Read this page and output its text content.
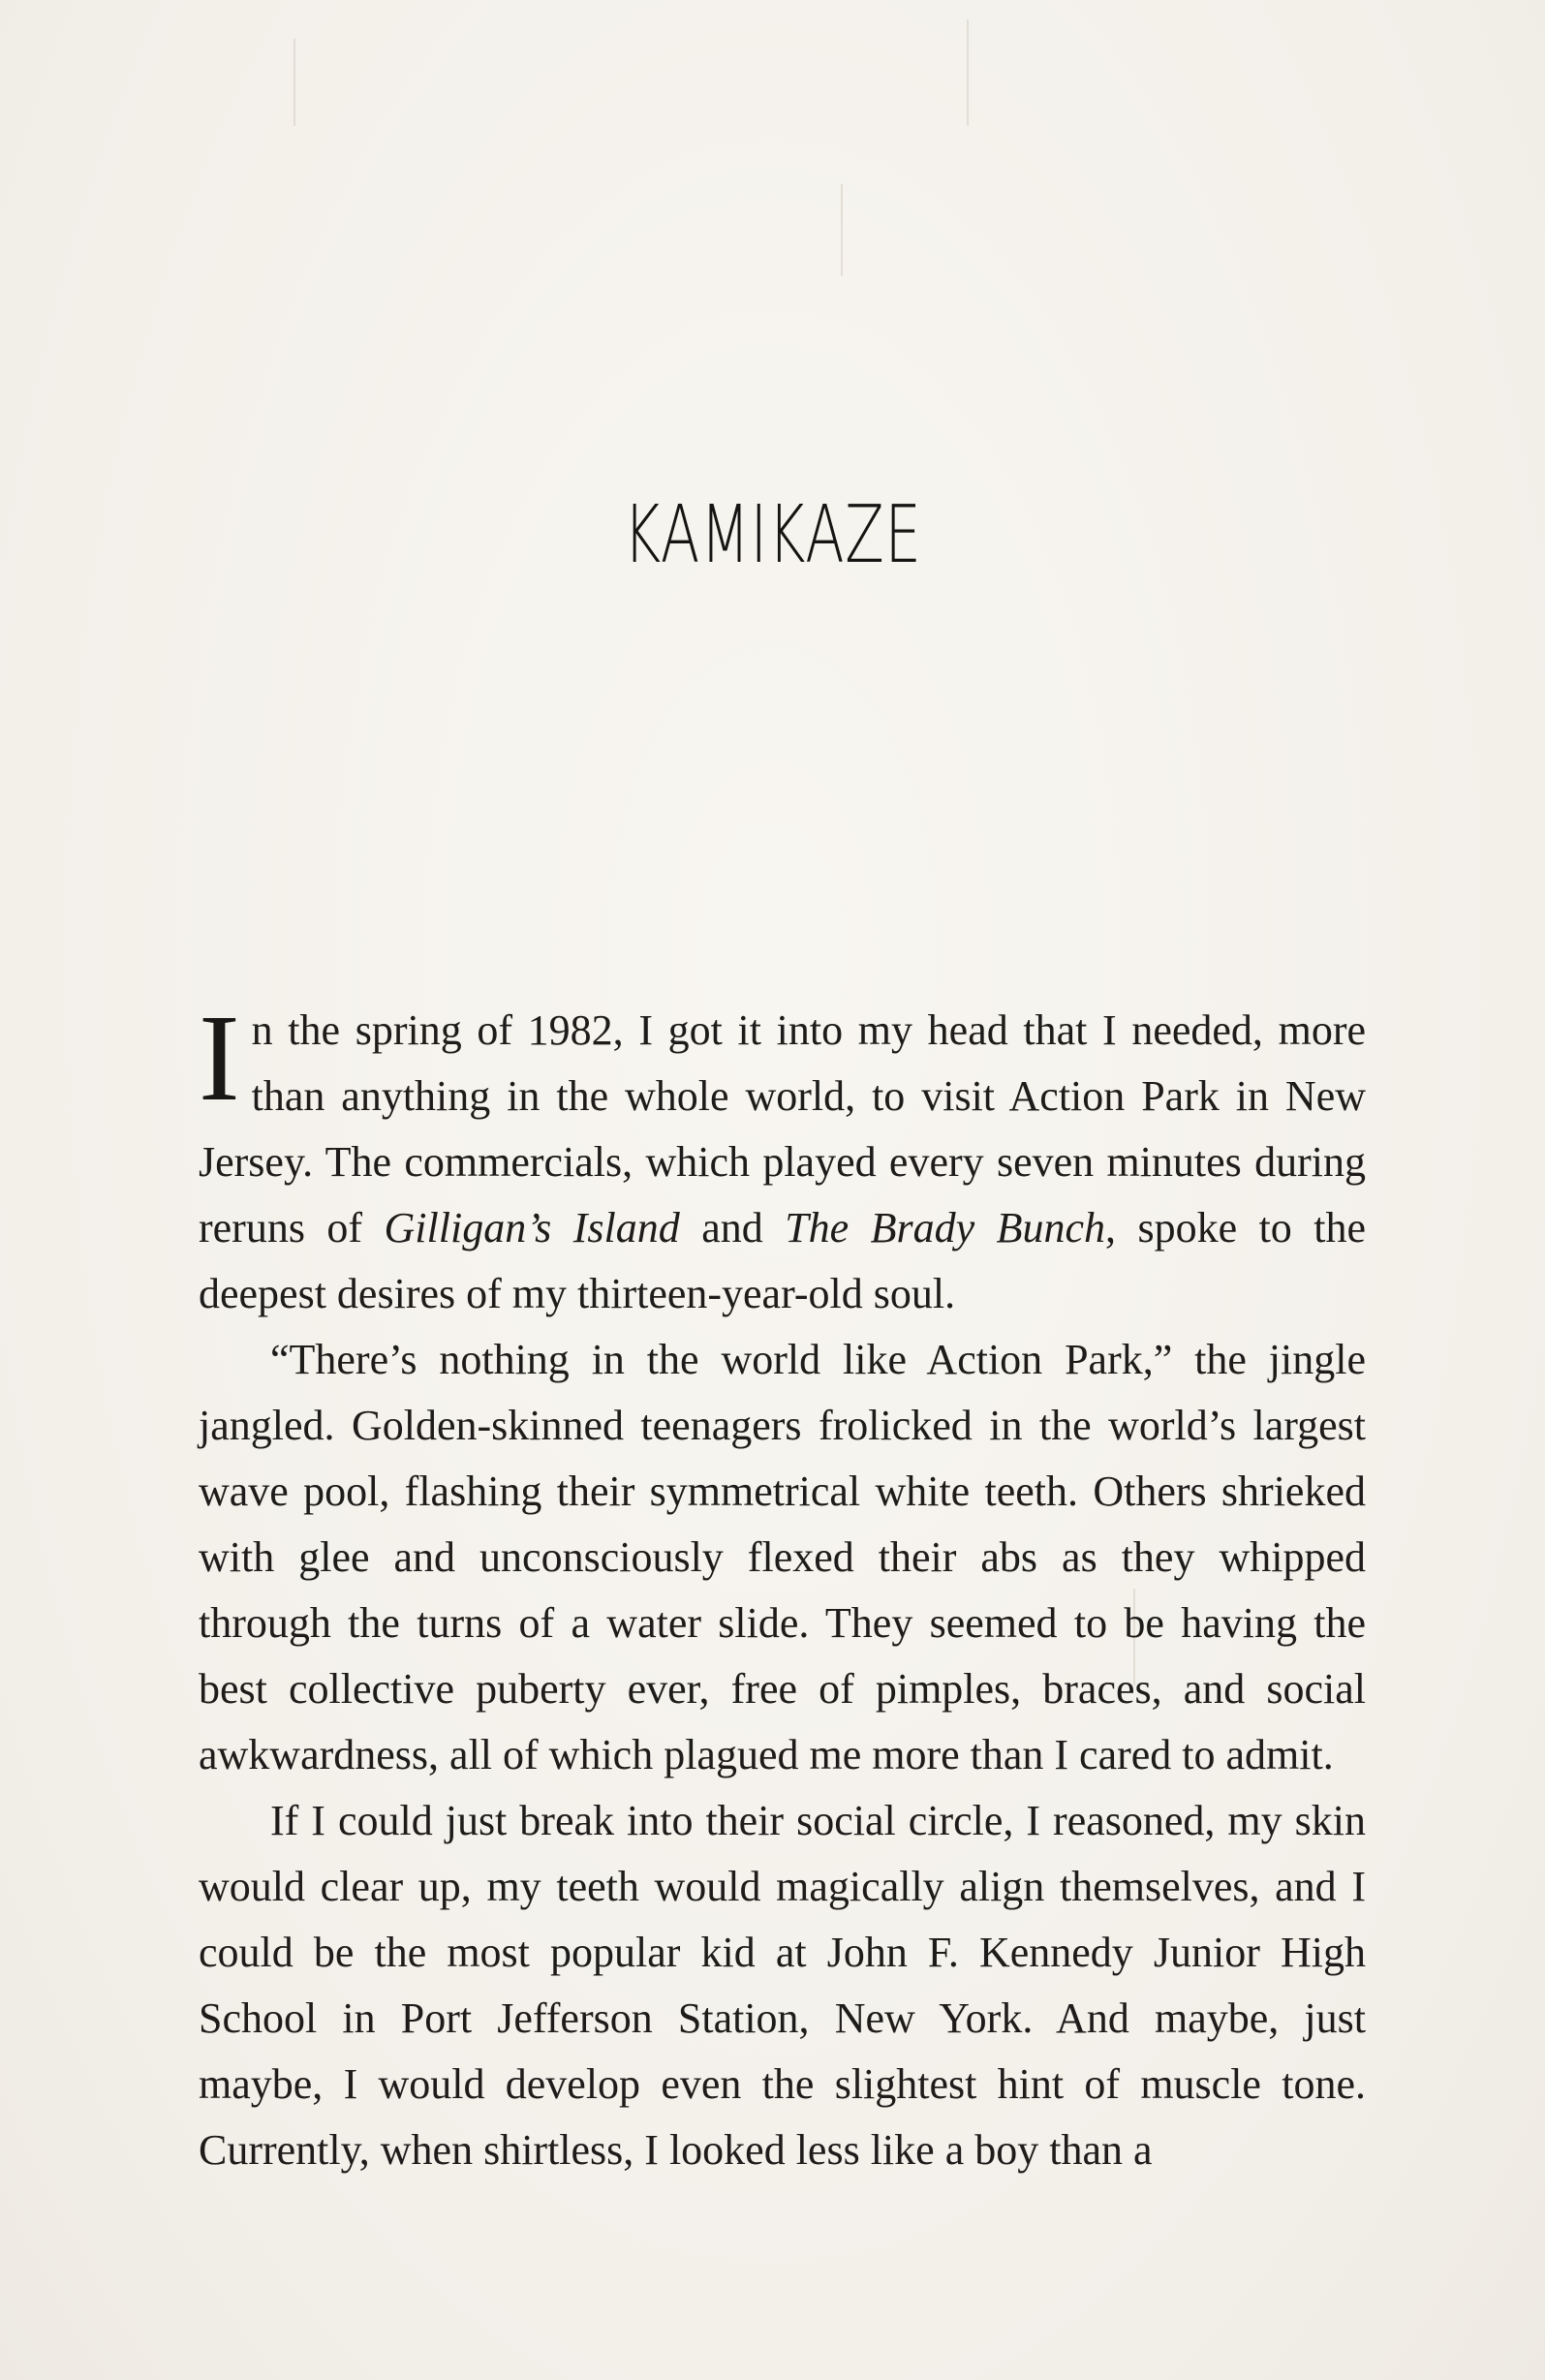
KAMIKAZE

In the spring of 1982, I got it into my head that I needed, more than anything in the whole world, to visit Action Park in New Jersey. The commercials, which played every seven minutes during reruns of Gilligan’s Island and The Brady Bunch, spoke to the deepest desires of my thirteen-year-old soul.

“There’s nothing in the world like Action Park,” the jingle jangled. Golden-skinned teenagers frolicked in the world’s largest wave pool, flashing their symmetrical white teeth. Others shrieked with glee and unconsciously flexed their abs as they whipped through the turns of a water slide. They seemed to be having the best collective puberty ever, free of pimples, braces, and social awkwardness, all of which plagued me more than I cared to admit.

If I could just break into their social circle, I reasoned, my skin would clear up, my teeth would magically align themselves, and I could be the most popular kid at John F. Kennedy Junior High School in Port Jefferson Station, New York. And maybe, just maybe, I would develop even the slightest hint of muscle tone. Currently, when shirtless, I looked less like a boy than a
